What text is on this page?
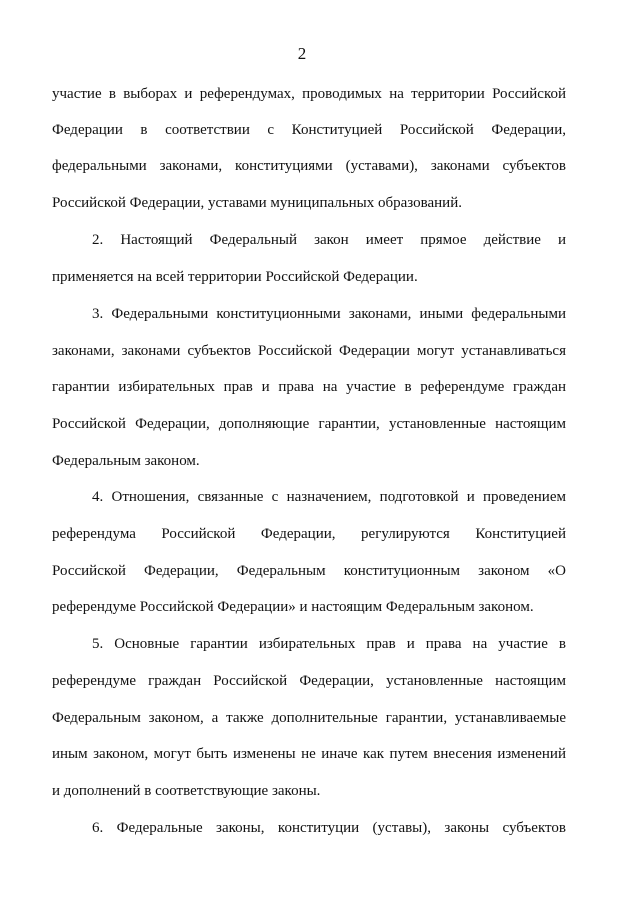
2
участие в выборах и референдумах, проводимых на территории Российской
Федерации в соответствии с Конституцией Российской Федерации,
федеральными законами, конституциями (уставами), законами субъектов
Российской Федерации, уставами муниципальных образований.
2. Настоящий Федеральный закон имеет прямое действие и
применяется на всей территории Российской Федерации.
3. Федеральными конституционными законами, иными федеральными
законами, законами субъектов Российской Федерации могут устанавливаться
гарантии избирательных прав и права на участие в референдуме граждан
Российской Федерации, дополняющие гарантии, установленные настоящим
Федеральным законом.
4. Отношения, связанные с назначением, подготовкой и проведением
референдума Российской Федерации, регулируются Конституцией
Российской Федерации, Федеральным конституционным законом «О
референдуме Российской Федерации» и настоящим Федеральным законом.
5. Основные гарантии избирательных прав и права на участие в
референдуме граждан Российской Федерации, установленные настоящим
Федеральным законом, а также дополнительные гарантии, устанавливаемые
иным законом, могут быть изменены не иначе как путем внесения изменений
и дополнений в соответствующие законы.
6. Федеральные законы, конституции (уставы), законы субъектов
